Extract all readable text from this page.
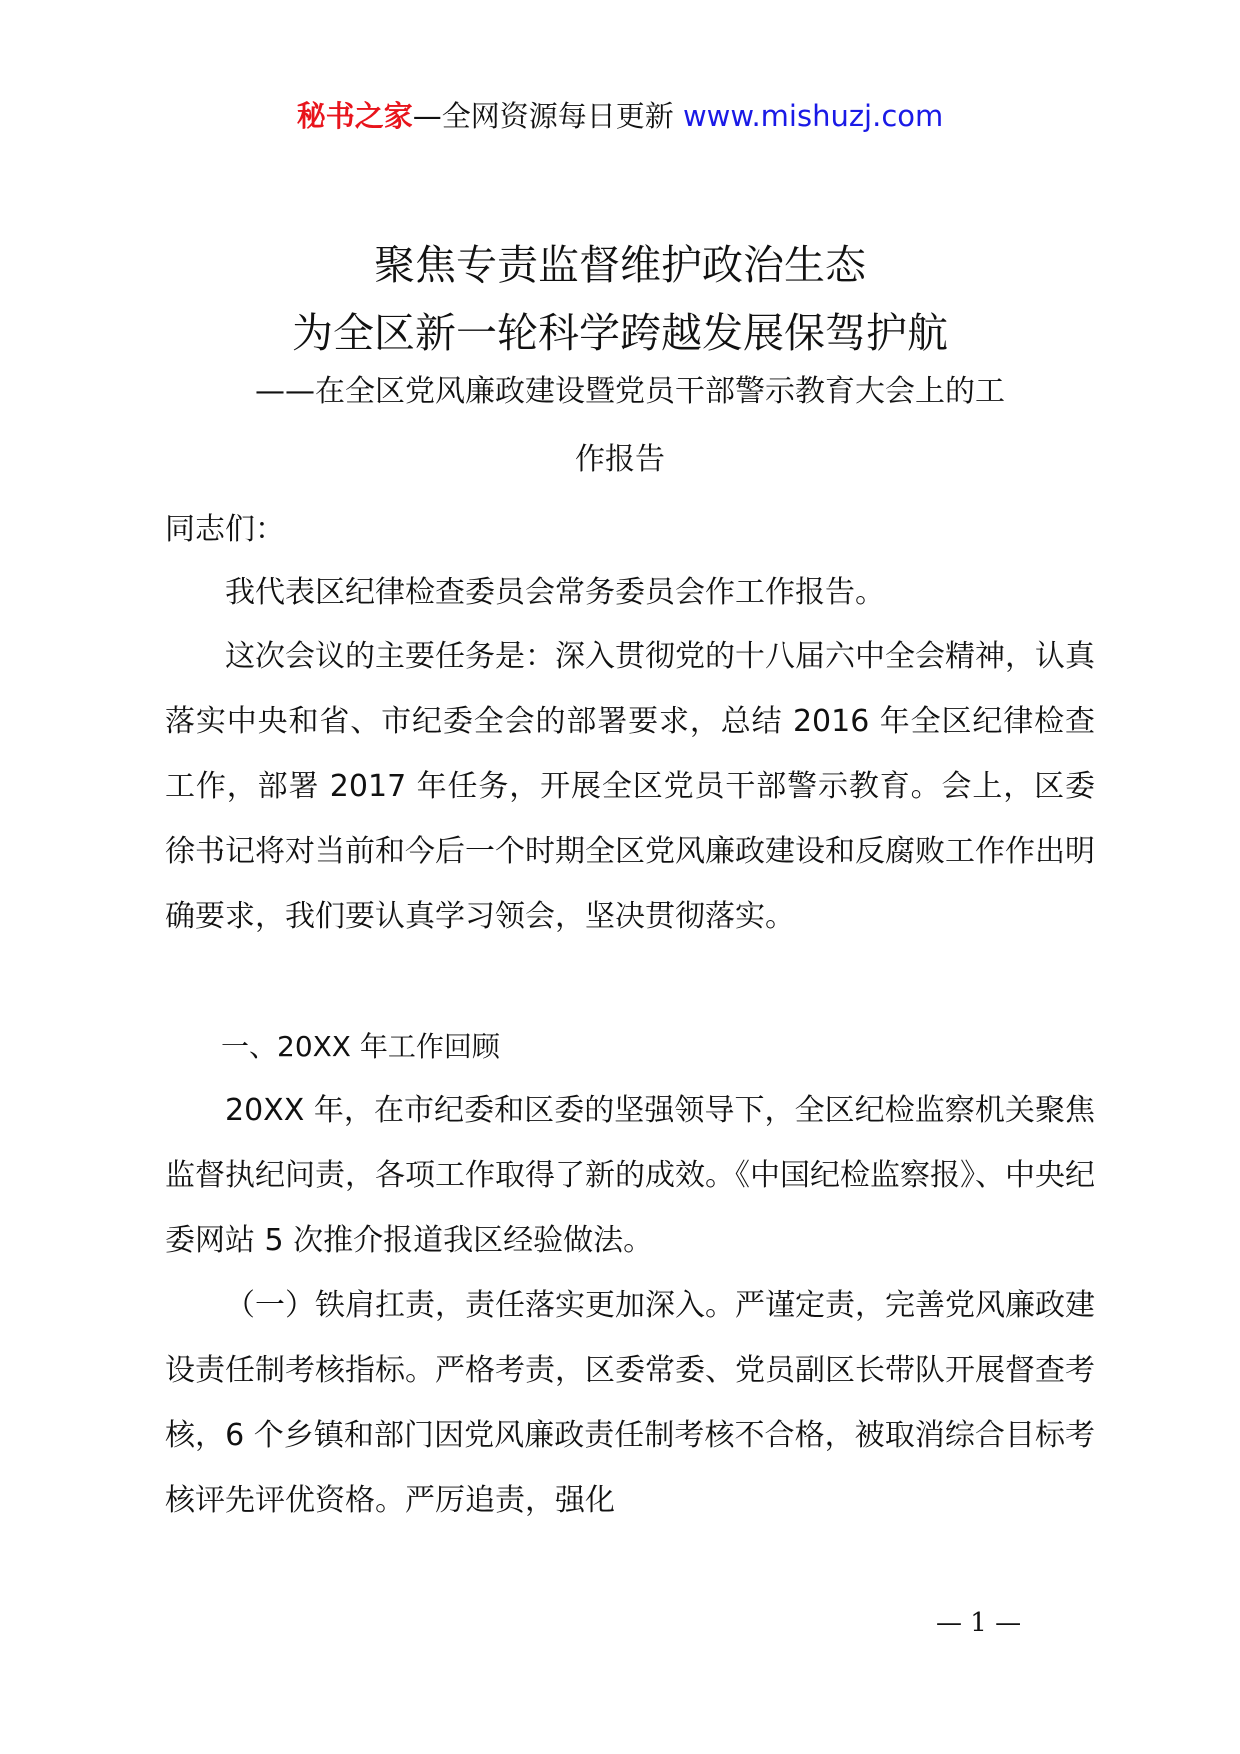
秘书之家—全网资源每日更新 www.mishuzj.com
聚焦专责监督维护政治生态
为全区新一轮科学跨越发展保驾护航
——在全区党风廉政建设暨党员干部警示教育大会上的工
作报告

同志们：

我代表区纪律检查委员会常务委员会作工作报告。

这次会议的主要任务是：深入贯彻党的十八届六中全会精神，认真落实中央和省、市纪委全会的部署要求，总结 2016 年全区纪律检查工作，部署 2017 年任务，开展全区党员干部警示教育。会上，区委徐书记将对当前和今后一个时期全区党风廉政建设和反腐败工作作出明确要求，我们要认真学习领会，坚决贯彻落实。

一、20XX 年工作回顾

20XX 年，在市纪委和区委的坚强领导下，全区纪检监察机关聚焦监督执纪问责，各项工作取得了新的成效。《中国纪检监察报》、中央纪委网站 5 次推介报道我区经验做法。

（一）铁肩扛责，责任落实更加深入。严谨定责，完善党风廉政建设责任制考核指标。严格考责，区委常委、党员副区长带队开展督查考核，6 个乡镇和部门因党风廉政责任制考核不合格，被取消综合目标考核评先评优资格。严厉追责，强化

— 1 —
